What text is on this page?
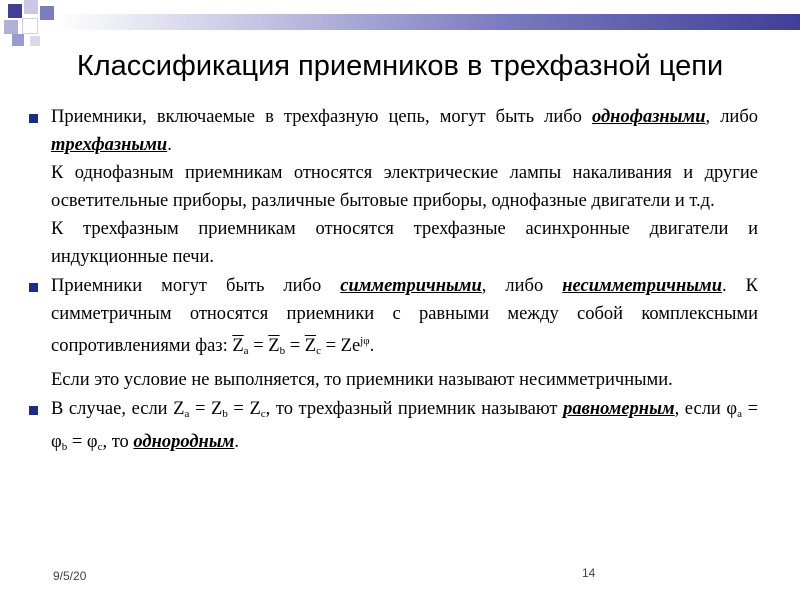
Классификация приемников в трехфазной цепи

Приемники, включаемые в трехфазную цепь, могут быть либо однофазными, либо трехфазными.

К однофазным приемникам относятся электрические лампы накаливания и другие осветительные приборы, различные бытовые приборы, однофазные двигатели и т.д.

К трехфазным приемникам относятся трехфазные асинхронные двигатели и индукционные печи.

Приемники могут быть либо симметричными, либо несимметричными. К симметричным относятся приемники с равными между собой комплексными сопротивлениями фаз: $\overline{Z}_a = \overline{Z}_b = \overline{Z}_c = Ze^{j\varphi}$.

Если это условие не выполняется, то приемники называют несимметричными.

В случае, если $Z_a = Z_b = Z_c$, то трехфазный приемник называют равномерным, если $\varphi_a = \varphi_b = \varphi_c$, то однородным.

9/5/20	14
